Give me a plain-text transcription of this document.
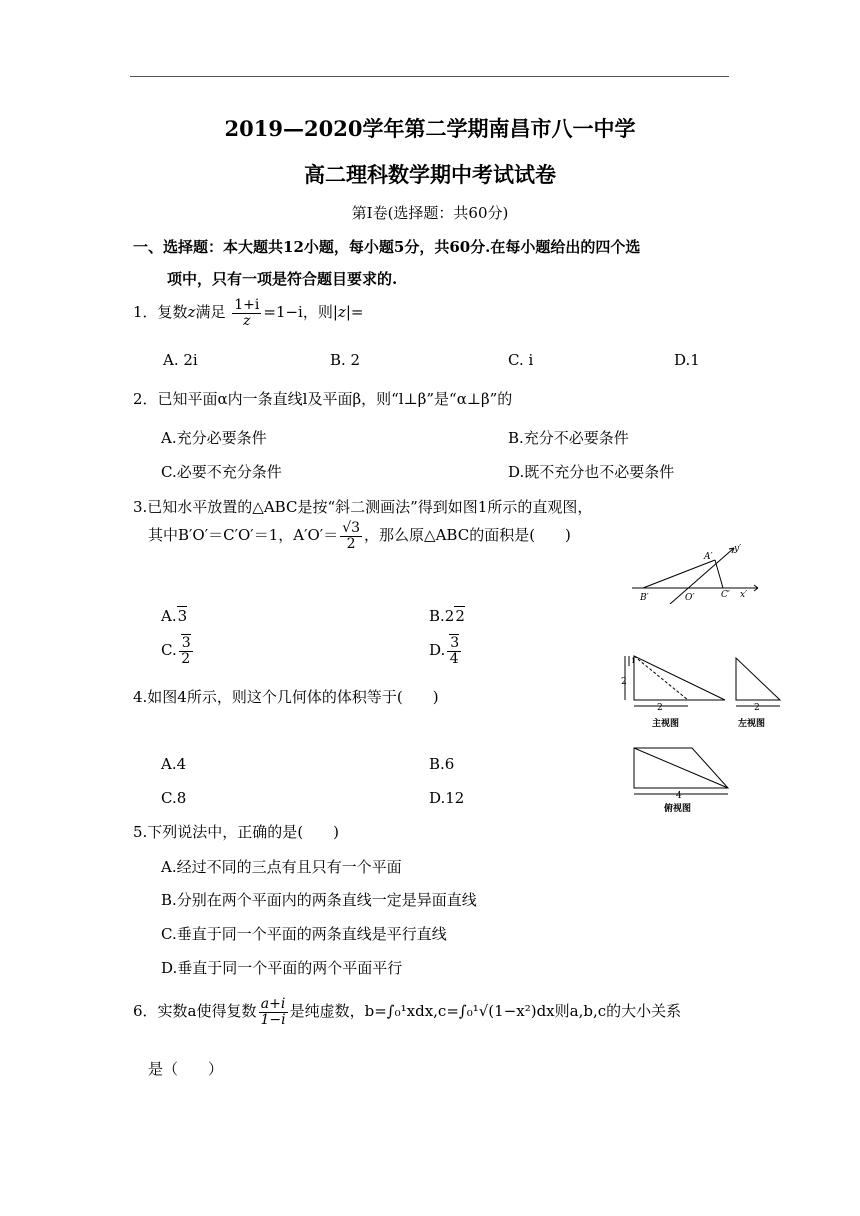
2019—2020学年第二学期南昌市八一中学
高二理科数学期中考试试卷
第Ⅰ卷(选择题：共60分)
一、选择题：本大题共12小题，每小题5分，共60分.在每小题给出的四个选
项中，只有一项是符合题目要求的.
1．复数z满足 $\frac{1+i}{z} =1-i$，则|z|=
A. 2i	B. 2	C. i	D.1
2．已知平面α内一条直线l及平面β，则“l⊥β”是“α⊥β”的
A.充分必要条件	B.充分不必要条件
C.必要不充分条件	D.既不充分也不必要条件
3.已知水平放置的△ABC是按“斜二测画法”得到如图1所示的直观图，
其中B′O′＝C′O′＝1，$A'O'= \frac{√3}{2}$ ，那么原△ABC的面积是(　　)
A′
y′
B′	O′	C′ x′
A.3	B.22
C. $\frac{3}{2}$	D. $\frac{3}{4}$
4.如图4所示，则这个几何体的体积等于(　　)
2
1
2
主视图
2
左视图
4
俯视图
A.4	B.6
C.8	D.12
5.下列说法中，正确的是(　　)
A.经过不同的三点有且只有一个平面
B.分别在两个平面内的两条直线一定是异面直线
C.垂直于同一个平面的两条直线是平行直线
D.垂直于同一个平面的两个平面平行
6．实数a使得复数 $\frac{a+i}{1-i}$ 是纯虚数，b=∫₀¹xdx,c=∫₀¹√(1−x²)dx则a,b,c的大小关系
是（　　）
